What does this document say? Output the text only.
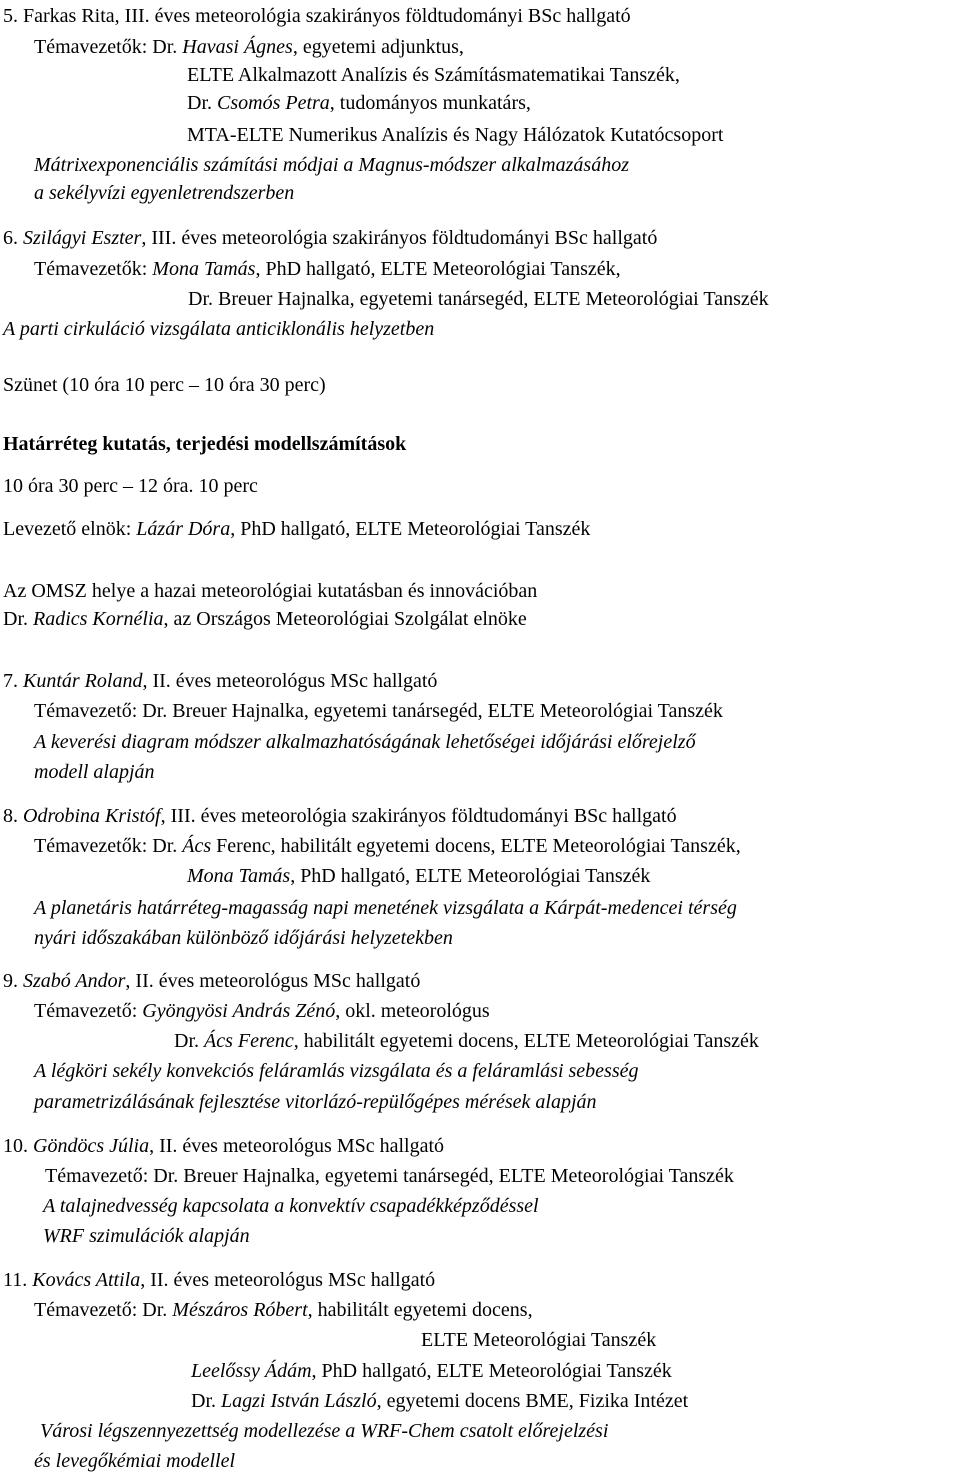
5. Farkas Rita, III. éves meteorológia szakirányos földtudományi BSc hallgató
Témavezetők: Dr. Havasi Ágnes, egyetemi adjunktus,
ELTE Alkalmazott Analízis és Számításmatematikai Tanszék,
Dr. Csomós Petra, tudományos munkatárs,
MTA-ELTE Numerikus Analízis és Nagy Hálózatok Kutatócsoport
Mátrixexponenciális számítási módjai a Magnus-módszer alkalmazásához
a sekélyvízi egyenletrendszerben
6. Szilágyi Eszter, III. éves meteorológia szakirányos földtudományi BSc hallgató
Témavezetők: Mona Tamás, PhD hallgató, ELTE Meteorológiai Tanszék,
Dr. Breuer Hajnalka, egyetemi tanársegéd, ELTE Meteorológiai Tanszék
A parti cirkuláció vizsgálata anticiklonális helyzetben
Szünet (10 óra 10 perc – 10 óra 30 perc)
Határréteg kutatás, terjedési modellszámítások
10 óra 30 perc – 12 óra. 10 perc
Levezető elnök: Lázár Dóra, PhD hallgató, ELTE Meteorológiai Tanszék
Az OMSZ helye a hazai meteorológiai kutatásban és innovációban
Dr. Radics Kornélia, az Országos Meteorológiai Szolgálat elnöke
7. Kuntár Roland, II. éves meteorológus MSc hallgató
Témavezető: Dr. Breuer Hajnalka, egyetemi tanársegéd, ELTE Meteorológiai Tanszék
A keverési diagram módszer alkalmazhatóságának lehetőségei időjárási előrejelző
modell alapján
8. Odrobina Kristóf, III. éves meteorológia szakirányos földtudományi BSc hallgató
Témavezetők: Dr. Ács Ferenc, habilitált egyetemi docens, ELTE Meteorológiai Tanszék,
Mona Tamás, PhD hallgató, ELTE Meteorológiai Tanszék
A planetáris határréteg-magasság napi menetének vizsgálata a Kárpát-medencei térség
nyári időszakában különböző időjárási helyzetekben
9. Szabó Andor, II. éves meteorológus MSc hallgató
Témavezető: Gyöngyösi András Zénó, okl. meteorológus
Dr. Ács Ferenc, habilitált egyetemi docens, ELTE Meteorológiai Tanszék
A légköri sekély konvekciós feláramlás vizsgálata és a feláramlási sebesség
parametrizálásának fejlesztése vitorlázó-repülőgépes mérések alapján
10. Göndöcs Júlia, II. éves meteorológus MSc hallgató
Témavezető: Dr. Breuer Hajnalka, egyetemi tanársegéd, ELTE Meteorológiai Tanszék
A talajnedvesség kapcsolata a konvektív csapadékképződéssel
WRF szimulációk alapján
11. Kovács Attila, II. éves meteorológus MSc hallgató
Témavezető: Dr. Mészáros Róbert, habilitált egyetemi docens,
ELTE Meteorológiai Tanszék
Leelőssy Ádám, PhD hallgató, ELTE Meteorológiai Tanszék
Dr. Lagzi István László, egyetemi docens BME, Fizika Intézet
Városi légszennyezettség modellezése a WRF-Chem csatolt előrejelzési
és levegőkémiai modellel
